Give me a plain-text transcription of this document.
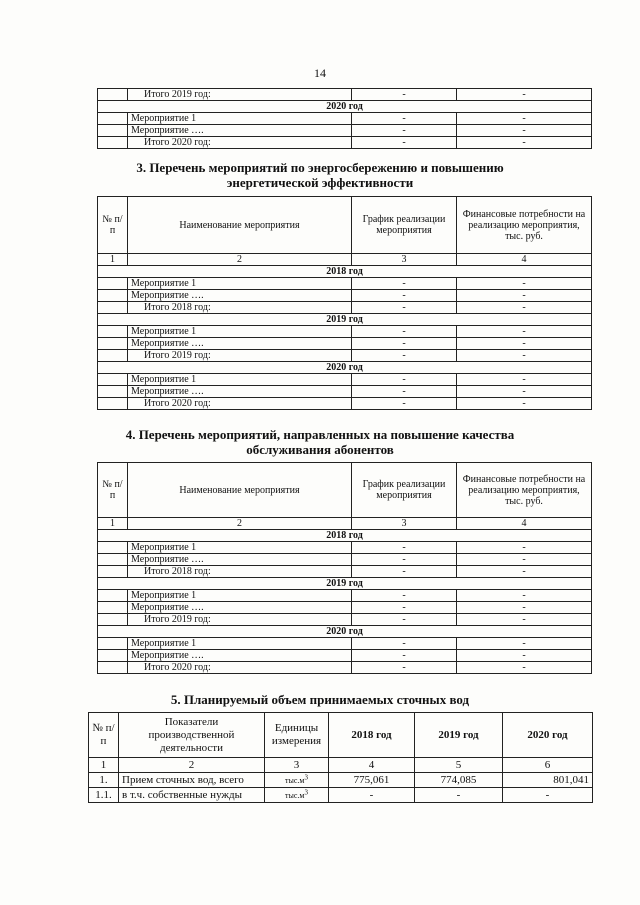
14
	Итого 2019 год:	-	-
2020 год			
	Мероприятие 1	-	-
	Мероприятие ….	-	-
	Итого 2020 год:	-	-
3. Перечень мероприятий по энергосбережению и повышению
энергетической эффективности
№ п/п	Наименование мероприятия	График реализации мероприятия	Финансовые потребности на реализацию мероприятия, тыс. руб.
1	2	3	4
2018 год			
	Мероприятие 1	-	-
	Мероприятие ….	-	-
	Итого 2018 год:	-	-
2019 год			
	Мероприятие 1	-	-
	Мероприятие ….	-	-
	Итого 2019 год:	-	-
2020 год			
	Мероприятие 1	-	-
	Мероприятие ….	-	-
	Итого 2020 год:	-	-
4. Перечень мероприятий, направленных на повышение качества
обслуживания абонентов
№ п/п	Наименование мероприятия	График реализации мероприятия	Финансовые потребности на реализацию мероприятия, тыс. руб.
1	2	3	4
2018 год			
	Мероприятие 1	-	-
	Мероприятие ….	-	-
	Итого 2018 год:	-	-
2019 год			
	Мероприятие 1	-	-
	Мероприятие ….	-	-
	Итого 2019 год:	-	-
2020 год			
	Мероприятие 1	-	-
	Мероприятие ….	-	-
	Итого 2020 год:	-	-
5. Планируемый объем принимаемых сточных вод
№ п/п	Показатели производственной деятельности	Единицы измерения	2018 год	2019 год	2020 год
1	2	3	4	5	6
1.	Прием сточных вод, всего	тыс.м3	775,061	774,085	801,041
1.1.	в т.ч. собственные нужды	тыс.м3	-	-	-
